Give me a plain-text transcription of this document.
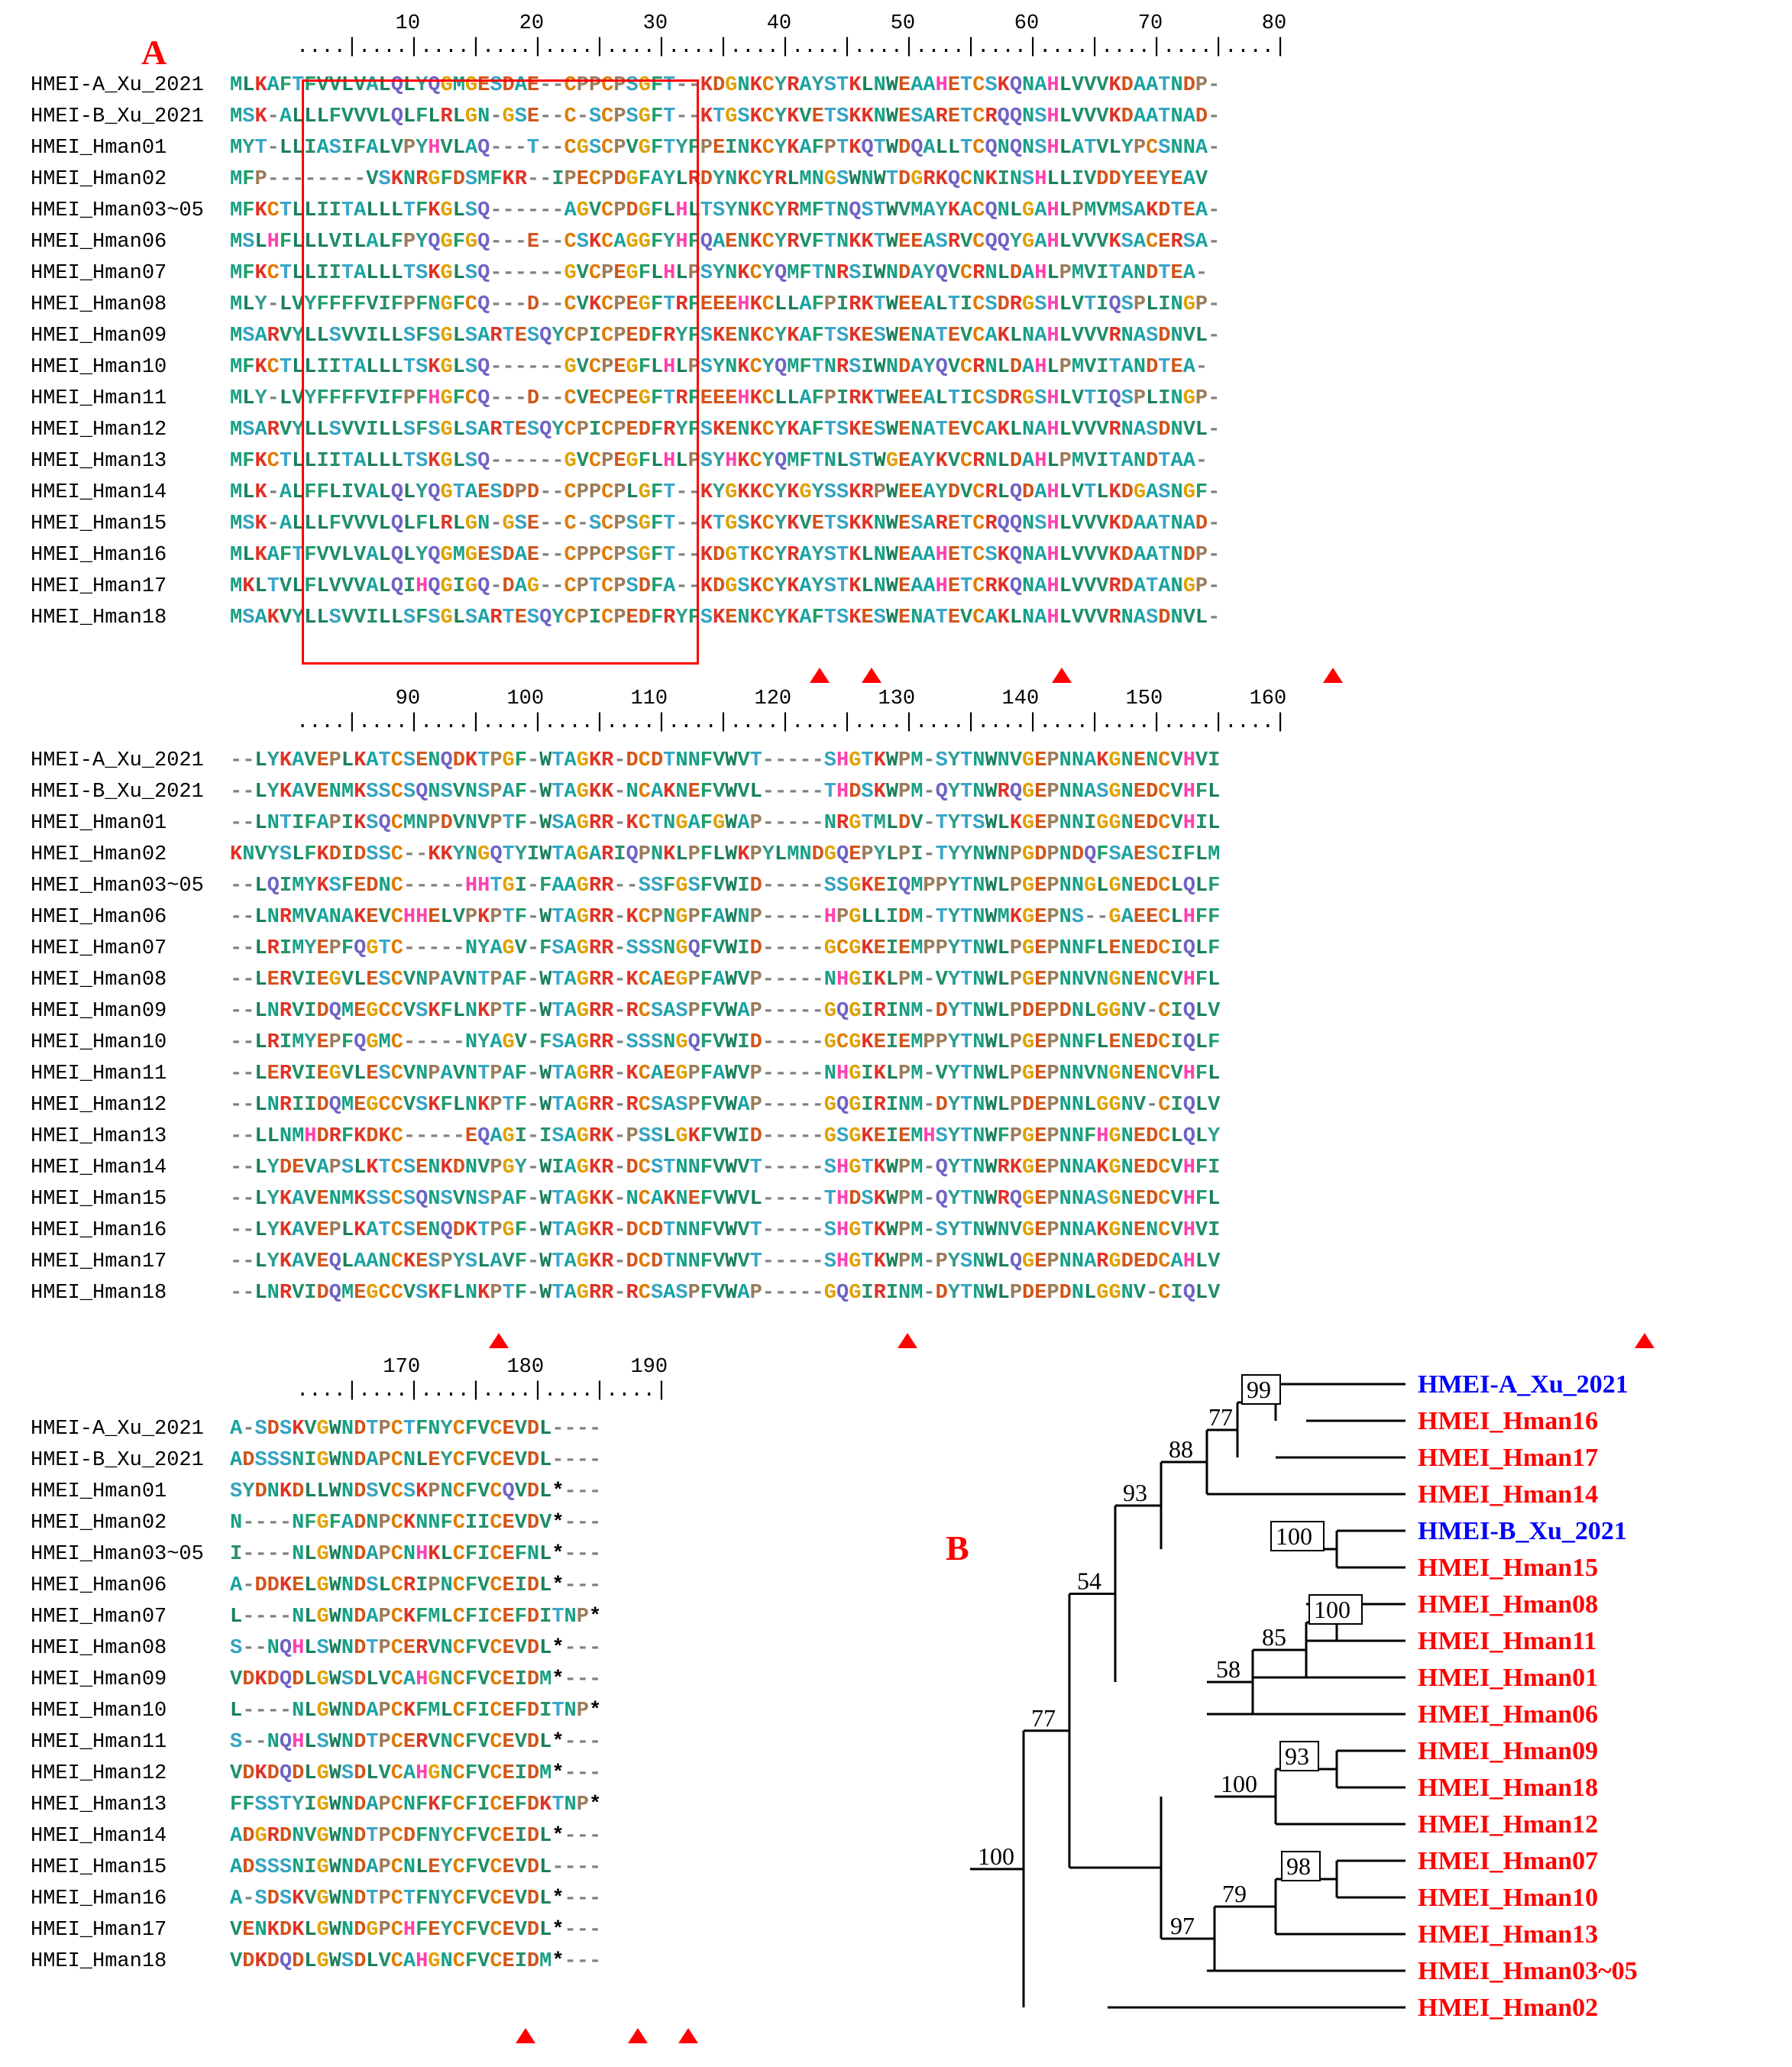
A
B
10        20        30        40        50        60        70        80
....|....|....|....|....|....|....|....|....|....|....|....|....|....|....|....|
HMEI-A_Xu_2021
HMEI-B_Xu_2021
HMEI_Hman01
HMEI_Hman02
HMEI_Hman03~05
HMEI_Hman06
HMEI_Hman07
HMEI_Hman08
HMEI_Hman09
HMEI_Hman10
HMEI_Hman11
HMEI_Hman12
HMEI_Hman13
HMEI_Hman14
HMEI_Hman15
HMEI_Hman16
HMEI_Hman17
HMEI_Hman18
MLKAFTFVVLVALQLYQGMGESDAE--CPPCPSGFT--KDGNKCYRAYSTKLNWEAAHETCSKQNAHLVVVKDAATNDP-
MSK-ALLLFVVVLQLFLRLGN-GSE--C-SCPSGFT--KTGSKCYKVETSKKNWESARETCRQQNSHLVVVKDAATNAD-
MYT-LLIASIFALVPYHVLAQ---T--CGSCPVGFTYFPEINKCYKAFPTKQTWDQALLTCQNQNSHLATVLYPCSNNA-
MFP--------VSKNRGFDSMFKR--IPECPDGFAYLRDYNKCYRLMNGSWNWTDGRKQCNKINSHLLIVDDYEEYEAV
MFKCTLLIITALLLTFKGLSQ------AGVCPDGFLHLTSYNKCYRMFTNQSTWVMAYKACQNLGAHLPMVMSAKDTEA-
MSLHFLLLVILALFPYQGFGQ---E--CSKCAGGFYHFQAENKCYRVFTNKKTWEEASRVCQQYGAHLVVVKSACERSA-
MFKCTLLIITALLLTSKGLSQ------GVCPEGFLHLPSYNKCYQMFTNRSIWNDAYQVCRNLDAHLPMVITANDTEA-
MLY-LVYFFFFVIFPFNGFCQ---D--CVKCPEGFTRFEEEHKCLLAFPIRKTWEEALTICSDRGSHLVTIQSPLINGP-
MSARVYLLSVVILLSFSGLSARTESQYCPICPEDFRYFSKENKCYKAFTSKESWENATEVCAKLNAHLVVVRNASDNVL-
MFKCTLLIITALLLTSKGLSQ------GVCPEGFLHLPSYNKCYQMFTNRSIWNDAYQVCRNLDAHLPMVITANDTEA-
MLY-LVYFFFFVIFPFHGFCQ---D--CVECPEGFTRFEEEHKCLLAFPIRKTWEEALTICSDRGSHLVTIQSPLINGP-
MSARVYLLSVVILLSFSGLSARTESQYCPICPEDFRYFSKENKCYKAFTSKESWENATEVCAKLNAHLVVVRNASDNVL-
MFKCTLLIITALLLTSKGLSQ------GVCPEGFLHLPSYHKCYQMFTNLSTWGEAYKVCRNLDAHLPMVITANDTAA-
MLK-ALFFLIVALQLYQGTAESDPD--CPPCPLGFT--KYGKKCYKGYSSKRPWEEAYDVCRLQDAHLVTLKDGASNGF-
MSK-ALLLFVVVLQLFLRLGN-GSE--C-SCPSGFT--KTGSKCYKVETSKKNWESARETCRQQNSHLVVVKDAATNAD-
MLKAFTFVVLVALQLYQGMGESDAE--CPPCPSGFT--KDGTKCYRAYSTKLNWEAAHETCSKQNAHLVVVKDAATNDP-
MKLTVLFLVVVALQIHQGIGQ-DAG--CPTCPSDFA--KDGSKCYKAYSTKLNWEAAHETCRKQNAHLVVVRDATANGP-
MSAKVYLLSVVILLSFSGLSARTESQYCPICPEDFRYFSKENKCYKAFTSKESWENATEVCAKLNAHLVVVRNASDNVL-
90       100       110       120       130       140       150       160
....|....|....|....|....|....|....|....|....|....|....|....|....|....|....|....|
HMEI-A_Xu_2021
HMEI-B_Xu_2021
HMEI_Hman01
HMEI_Hman02
HMEI_Hman03~05
HMEI_Hman06
HMEI_Hman07
HMEI_Hman08
HMEI_Hman09
HMEI_Hman10
HMEI_Hman11
HMEI_Hman12
HMEI_Hman13
HMEI_Hman14
HMEI_Hman15
HMEI_Hman16
HMEI_Hman17
HMEI_Hman18
--LYKAVEPLKATCSENQDKTPGF-WTAGKR-DCDTNNFVWVT-----SHGTKWPM-SYTNWNVGEPNNAKGNENCVHVI
--LYKAVENMKSSCSQNSVNSPAF-WTAGKK-NCAKNEFVWVL-----THDSKWPM-QYTNWRQGEPNNASGNEDCVHFL
--LNTIFAPIKSQCMNPDVNVPTF-WSAGRR-KCTNGAFGWAP-----NRGTMLDV-TYTSWLKGEPNNIGGNEDCVHIL
KNVYSLFKDIDSSC--KKYNGQTYIWTAGARIQPNKLPFLWKPYLMNDGQEPYLPI-TYYNWNPGDPNDQFSAESCIFLM
--LQIMYKSFEDNC-----HHTGI-FAAGRR--SSFGSFVWID-----SSGKEIQMPPYTNWLPGEPNNGLGNEDCLQLF
--LNRMVANAKEVCHHELVPKPTF-WTAGRR-KCPNGPFAWNP-----HPGLLIDM-TYTNWMKGEPNS--GAEECLHFF
--LRIMYEPFQGTC-----NYAGV-FSAGRR-SSSNGQFVWID-----GCGKEIEMPPYTNWLPGEPNNFLENEDCIQLF
--LERVIEGVLESCVNPAVNTPAF-WTAGRR-KCAEGPFAWVP-----NHGIKLPM-VYTNWLPGEPNNVNGNENCVHFL
--LNRVIDQMEGCCVSKFLNKPTF-WTAGRR-RCSASPFVWAP-----GQGIRINM-DYTNWLPDEPDNLGGNV-CIQLV
--LRIMYEPFQGMC-----NYAGV-FSAGRR-SSSNGQFVWID-----GCGKEIEMPPYTNWLPGEPNNFLENEDCIQLF
--LERVIEGVLESCVNPAVNTPAF-WTAGRR-KCAEGPFAWVP-----NHGIKLPM-VYTNWLPGEPNNVNGNENCVHFL
--LNRIIDQMEGCCVSKFLNKPTF-WTAGRR-RCSASPFVWAP-----GQGIRINM-DYTNWLPDEPNNLGGNV-CIQLV
--LLNMHDRFKDKC-----EQAGI-ISAGRK-PSSLGKFVWID-----GSGKEIEMHSYTNWFPGEPNNFHGNEDCLQLY
--LYDEVAPSLKTCSENKDNVPGY-WIAGKR-DCSTNNFVWVT-----SHGTKWPM-QYTNWRKGEPNNAKGNEDCVHFI
--LYKAVENMKSSCSQNSVNSPAF-WTAGKK-NCAKNEFVWVL-----THDSKWPM-QYTNWRQGEPNNASGNEDCVHFL
--LYKAVEPLKATCSENQDKTPGF-WTAGKR-DCDTNNFVWVT-----SHGTKWPM-SYTNWNVGEPNNAKGNENCVHVI
--LYKAVEQLAANCKESPYSLAVF-WTAGKR-DCDTNNFVWVT-----SHGTKWPM-PYSNWLQGEPNNARGDEDCAHLV
--LNRVIDQMEGCCVSKFLNKPTF-WTAGRR-RCSASPFVWAP-----GQGIRINM-DYTNWLPDEPDNLGGNV-CIQLV
170       180       190
....|....|....|....|....|....|
HMEI-A_Xu_2021
HMEI-B_Xu_2021
HMEI_Hman01
HMEI_Hman02
HMEI_Hman03~05
HMEI_Hman06
HMEI_Hman07
HMEI_Hman08
HMEI_Hman09
HMEI_Hman10
HMEI_Hman11
HMEI_Hman12
HMEI_Hman13
HMEI_Hman14
HMEI_Hman15
HMEI_Hman16
HMEI_Hman17
HMEI_Hman18
A-SDSKVGWNDTPCTFNYCFVCEVDL----
ADSSSNIGWNDAPCNLEYCFVCEVDL----
SYDNKDLLWNDSVCSKPNCFVCQVDL*---
N----NFGFADNPCKNNFCIICEVDV*---
I----NLGWNDAPCNHKLCFICEFNL*---
A-DDKELGWNDSLCRIPNCFVCEIDL*---
L----NLGWNDAPCKFMLCFICEFDITNP*
S--NQHLSWNDTPCERVNCFVCEVDL*---
VDKDQDLGWSDLVCAHGNCFVCEIDM*---
L----NLGWNDAPCKFMLCFICEFDITNP*
S--NQHLSWNDTPCERVNCFVCEVDL*---
VDKDQDLGWSDLVCAHGNCFVCEIDM*---
FFSSTYIGWNDAPCNFKFCFICEFDKTNP*
ADGRDNVGWNDTPCDFNYCFVCEIDL*---
ADSSSNIGWNDAPCNLEYCFVCEVDL----
A-SDSKVGWNDTPCTFNYCFVCEVDL*---
VENKDKLGWNDGPCHFEYCFVCEVDL*---
VDKDQDLGWSDLVCAHGNCFVCEIDM*---
HMEI-A_Xu_2021
HMEI_Hman16
HMEI_Hman17
HMEI_Hman14
HMEI-B_Xu_2021
HMEI_Hman15
HMEI_Hman08
HMEI_Hman11
HMEI_Hman01
HMEI_Hman06
HMEI_Hman09
HMEI_Hman18
HMEI_Hman12
HMEI_Hman07
HMEI_Hman10
HMEI_Hman13
HMEI_Hman03~05
HMEI_Hman02
99
77
88
93
100
100
85
58
54
77
93
100
98
79
97
100
